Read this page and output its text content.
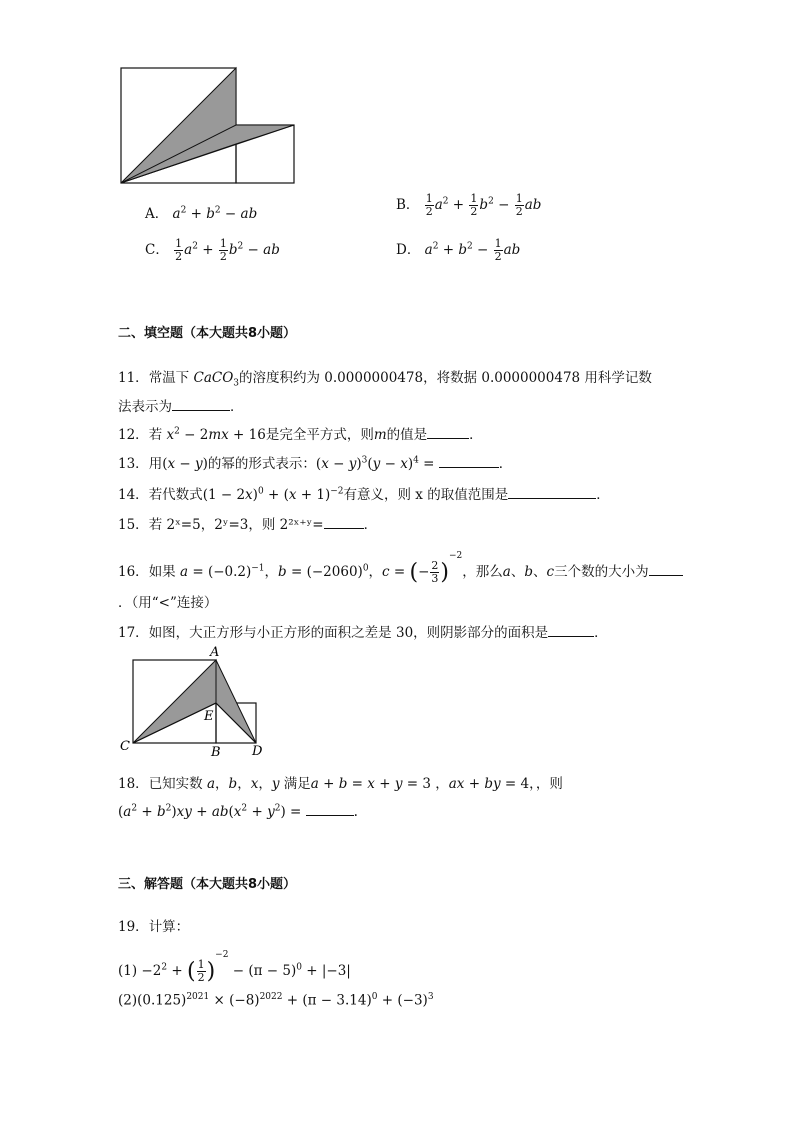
A． $a^2 + b^2$ − ab
B． $\frac{1}{2} a^2 + \frac{1}{2} b^2 - \frac{1}{2}$ ab
C． $\frac{1}{2} a^2 + \frac{1}{2} b^2$ − ab	D． $a^2 + b^2 - \frac{1}{2}$ ab
二、填空题（本大题共8小题）
11．常温下 CaCO$_3$的溶度积约为 0.0000000478，将数据 0.0000000478 用科学记数
法表示为	．
12．若 $x^2 - 2mx + 16$是完全平方式，则m的值是	．
13．用(x − y)的幂的形式表示：$(x - y)^3(y - x)^4$ =	．
14．若代数式$(1 - 2x)^0 + (x + 1)^{-2}$有意义，则 x 的取值范围是	．
15．若 2ˣ=5，2ʸ=3，则 2²ˣ⁺ʸ=	．
16．如果 $a = (-0.2)^{-1}$，$b = (-2060)^0$，c = (− $\frac{2}{3} )^{-2}$，那么a、b、c三个数的大小为
．（用“<”连接）
17．如图，大正方形与小正方形的面积之差是 30，则阴影部分的面积是	．
A
E
C	B D
18．已知实数 a，b，x，y 满足a + b = x + y = 3 ，ax + by = 4，，则
$(a^2 + b^2)xy + ab(x^2 + y^2)$ =	.
三、解答题（本大题共8小题）
19．计算：
$(1) -2^2$ + ( $\frac{1}{2} )^{-2} - (\pi - 5)^0 + |-3|$
$(2)(0.125)^{2021} \times (-8)^{2022} + (\pi - 3.14)^0 + (-3)^3$
